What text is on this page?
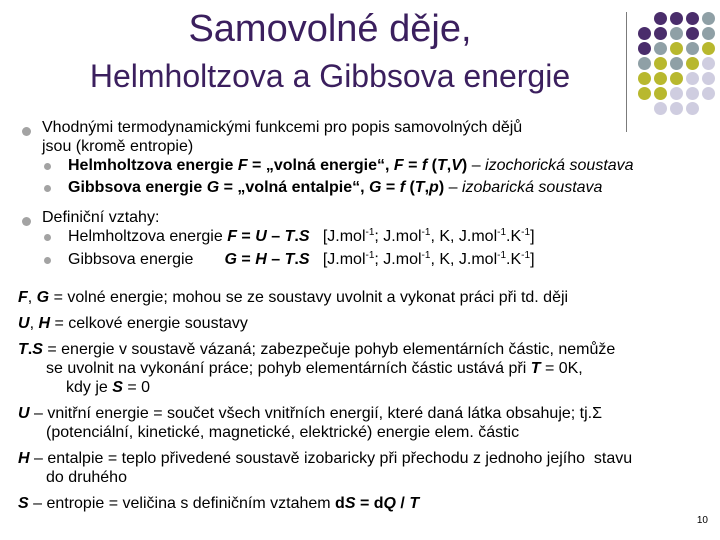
Samovolné děje,
Helmholtzova a Gibbsova energie
Vhodnými termodynamickými funkcemi pro popis samovolných dějů
jsou (kromě entropie)
Helmholtzova energie F = „volná energie“, F = f (T,V) – izochorická soustava
Gibbsova energie G = „volná entalpie“, G = f (T,p) – izobarická soustava
Definiční vztahy:
Helmholtzova energie F = U – T.S   [J.mol$^{-1}$; J.mol$^{-1}$, K, $J.mol^{-1}.K^{-1}$]
Gibbsova energie       G = H – T.S   [J.mol$^{-1}$; J.mol$^{-1}$, K, $J.mol^{-1}.K^{-1}$]
F, G = volné energie; mohou se ze soustavy uvolnit a vykonat práci při td. ději
U, H = celkové energie soustavy
T.S = energie v soustavě vázaná; zabezpečuje pohyb elementárních částic, nemůže
se uvolnit na vykonání práce; pohyb elementárních částic ustává při T = 0K,
kdy je S = 0
U – vnitřní energie = součet všech vnitřních energií, které daná látka obsahuje; tj.Σ
(potenciální, kinetické, magnetické, elektrické) energie elem. částic
H – entalpie = teplo přivedené soustavě izobaricky při přechodu z jednoho jejího  stavu
do druhého
S – entropie = veličina s definičním vztahem dS = dQ / T
10
